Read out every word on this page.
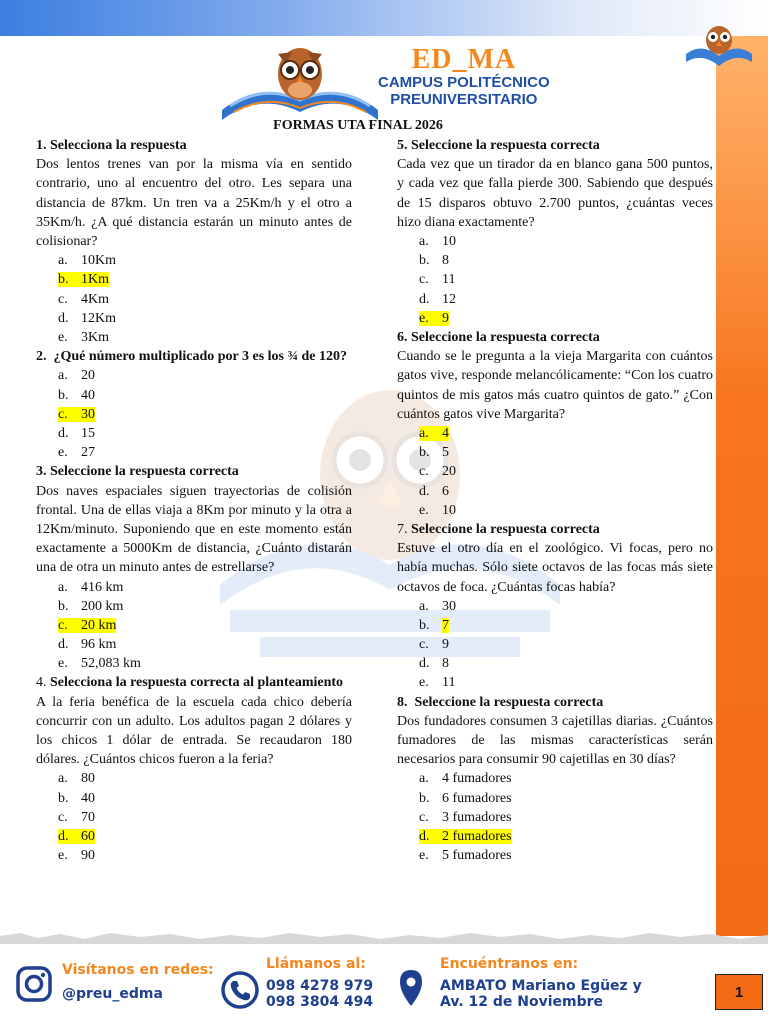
ED_MA
CAMPUS POLITÉCNICO
PREUNIVERSITARIO
FORMAS UTA FINAL 2026
1. Selecciona la respuesta
Dos lentos trenes van por la misma vía en sentido contrario, uno al encuentro del otro. Les separa una distancia de 87km. Un tren va a 25Km/h y el otro a 35Km/h. ¿A qué distancia estarán un minuto antes de colisionar?
a. 10Km
b. 1Km
c. 4Km
d. 12Km
e. 3Km
2. ¿Qué número multiplicado por 3 es los ¾ de 120?
a. 20
b. 40
c. 30
d. 15
e. 27
3. Seleccione la respuesta correcta
Dos naves espaciales siguen trayectorias de colisión frontal. Una de ellas viaja a 8Km por minuto y la otra a 12Km/minuto. Suponiendo que en este momento están exactamente a 5000Km de distancia, ¿Cuánto distarán una de otra un minuto antes de estrellarse?
a. 416 km
b. 200 km
c. 20 km
d. 96 km
e. 52,083 km
4. Selecciona la respuesta correcta al planteamiento
A la feria benéfica de la escuela cada chico debería concurrir con un adulto. Los adultos pagan 2 dólares y los chicos 1 dólar de entrada. Se recaudaron 180 dólares. ¿Cuántos chicos fueron a la feria?
a. 80
b. 40
c. 70
d. 60
e. 90
5. Seleccione la respuesta correcta
Cada vez que un tirador da en blanco gana 500 puntos, y cada vez que falla pierde 300. Sabiendo que después de 15 disparos obtuvo 2.700 puntos, ¿cuántas veces hizo diana exactamente?
a. 10
b. 8
c. 11
d. 12
e. 9
6. Seleccione la respuesta correcta
Cuando se le pregunta a la vieja Margarita con cuántos gatos vive, responde melancólicamente: “Con los cuatro quintos de mis gatos más cuatro quintos de gato.” ¿Con cuántos gatos vive Margarita?
a. 4
b. 5
c. 20
d. 6
e. 10
7. Seleccione la respuesta correcta
Estuve el otro día en el zoológico. Vi focas, pero no había muchas. Sólo siete octavos de las focas más siete octavos de foca. ¿Cuántas focas había?
a. 30
b. 7
c. 9
d. 8
e. 11
8. Seleccione la respuesta correcta
Dos fundadores consumen 3 cajetillas diarias. ¿Cuántos fumadores de las mismas características serán necesarios para consumir 90 cajetillas en 30 días?
a. 4 fumadores
b. 6 fumadores
c. 3 fumadores
d. 2 fumadores
e. 5 fumadores
Visítanos en redes:
@preu_edma
Llámanos al:
098 4278 979
098 3804 494
Encuéntranos en:
AMBATO Mariano Egüez y
Av. 12 de Noviembre
1
